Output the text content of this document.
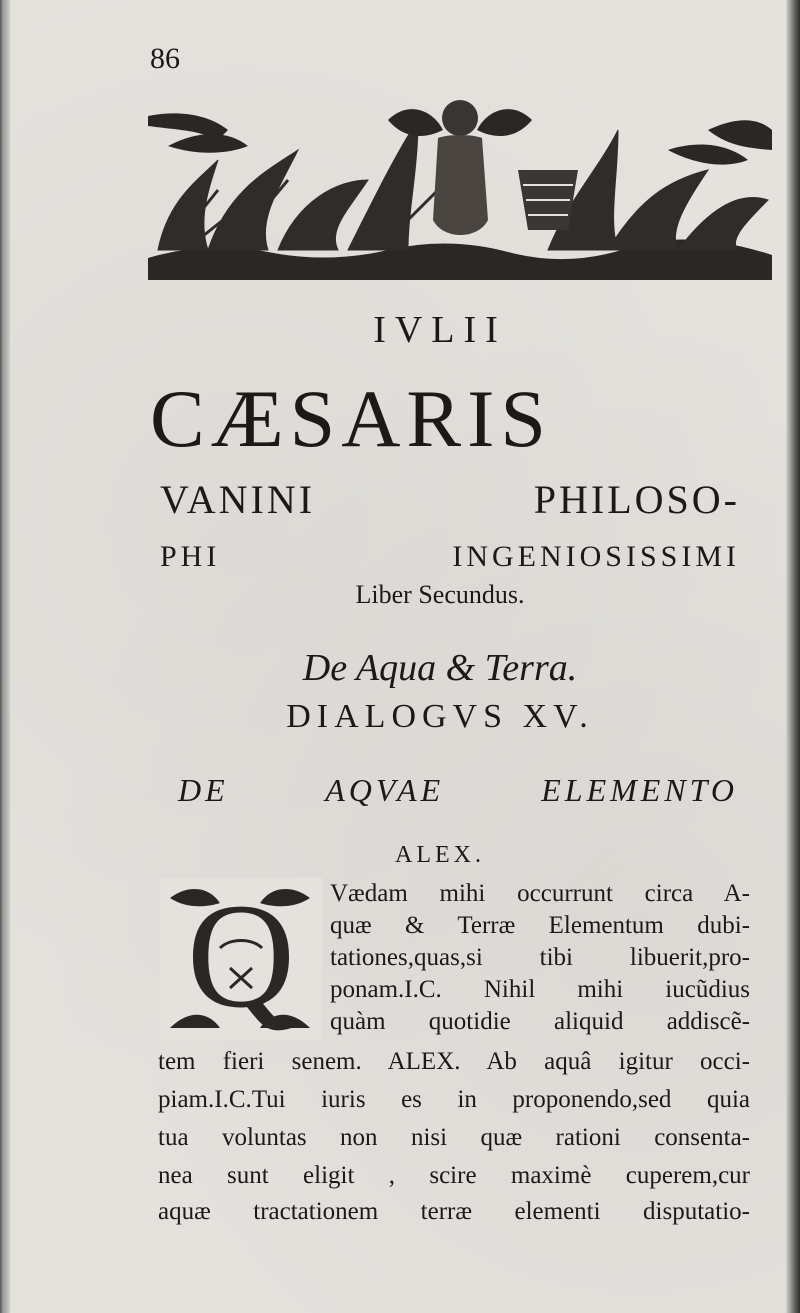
86
IVLII
CÆSARIS
VANINI PHILOSO-
PHI INGENIOSISSIMI
Liber Secundus.
De Aqua & Terra.
DIALOGVS XV.
DE AQVAE ELEMENTO
ALEX.
Q Vædam mihi occurrunt circa A-
quæ & Terræ Elementum dubi-
tationes,quas,si tibi libuerit,pro-
ponam.I.C. Nihil mihi iucũdius
quàm quotidie aliquid addiscẽ-
tem fieri senem. ALEX. Ab aquâ igitur occi-
piam.I.C.Tui iuris es in proponendo,sed quia
tua voluntas non nisi quæ rationi consenta-
nea sunt eligit , scire maximè cuperem,cur
aquæ tractationem terræ elementi disputatio-
